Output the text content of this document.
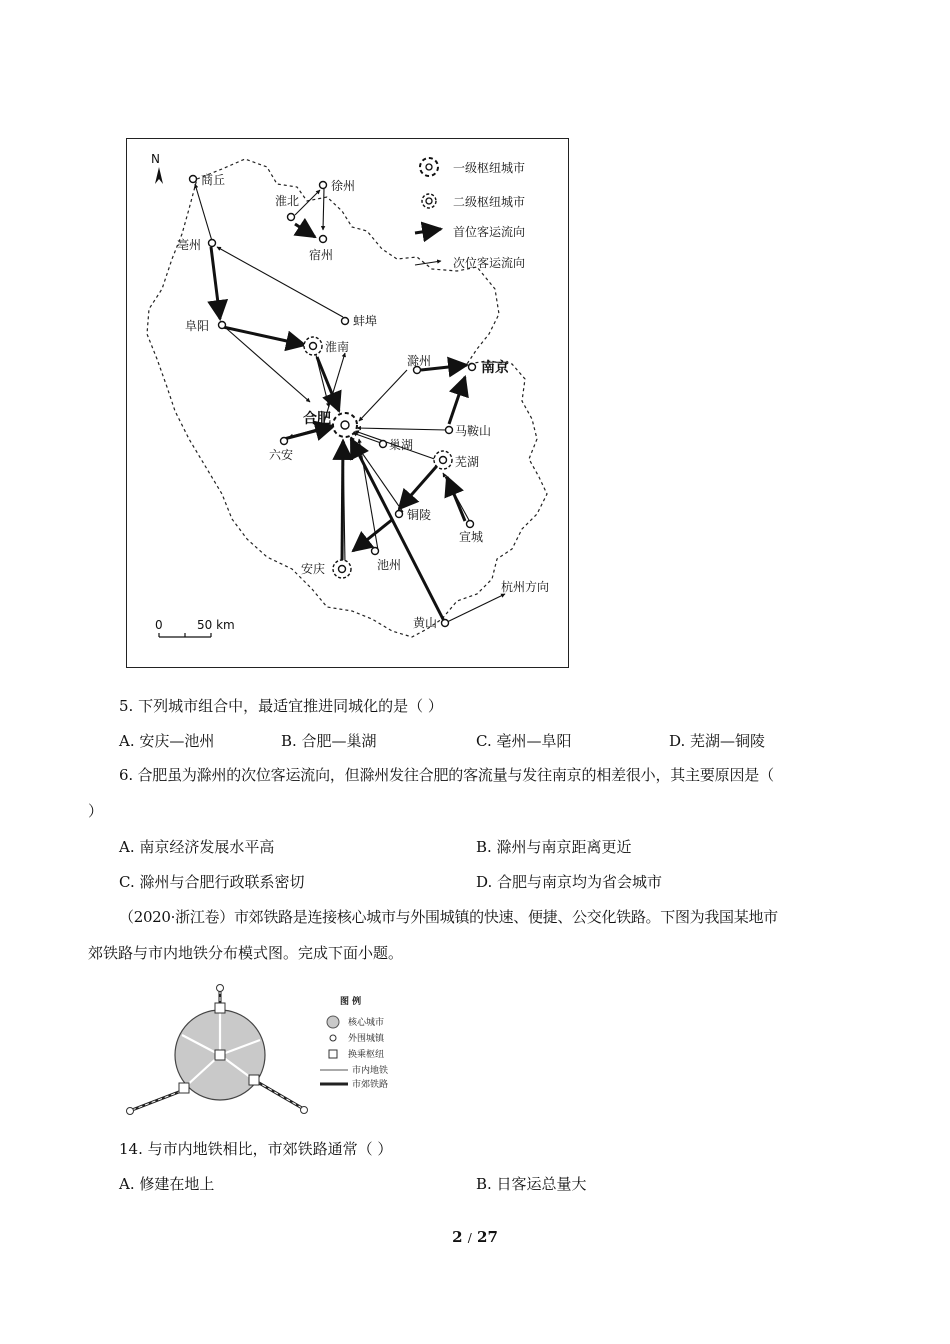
N
商丘
淮北
徐州
宿州
亳州
蚌埠
阜阳
淮南
滁州	南京
合肥
六安
巢湖
马鞍山
芜湖
铜陵
宣城
安庆	池州
杭州方向
黄山
一级枢纽城市
二级枢纽城市
首位客运流向
次位客运流向
0	50 km
5. 下列城市组合中，最适宜推进同城化的是（ ）
A. 安庆—池州	B. 合肥—巢湖	C. 亳州—阜阳	D. 芜湖—铜陵
6. 合肥虽为滁州的次位客运流向，但滁州发往合肥的客流量与发往南京的相差很小，其主要原因是（
）
A. 南京经济发展水平高	B. 滁州与南京距离更近
C. 滁州与合肥行政联系密切	D. 合肥与南京均为省会城市
（2020·浙江卷）市郊铁路是连接核心城市与外围城镇的快速、便捷、公交化铁路。下图为我国某地市
郊铁路与市内地铁分布模式图。完成下面小题。
图 例
核心城市
外围城镇
换乘枢纽
市内地铁
市郊铁路
14. 与市内地铁相比，市郊铁路通常（ ）
A. 修建在地上	B. 日客运总量大
2 / 27
